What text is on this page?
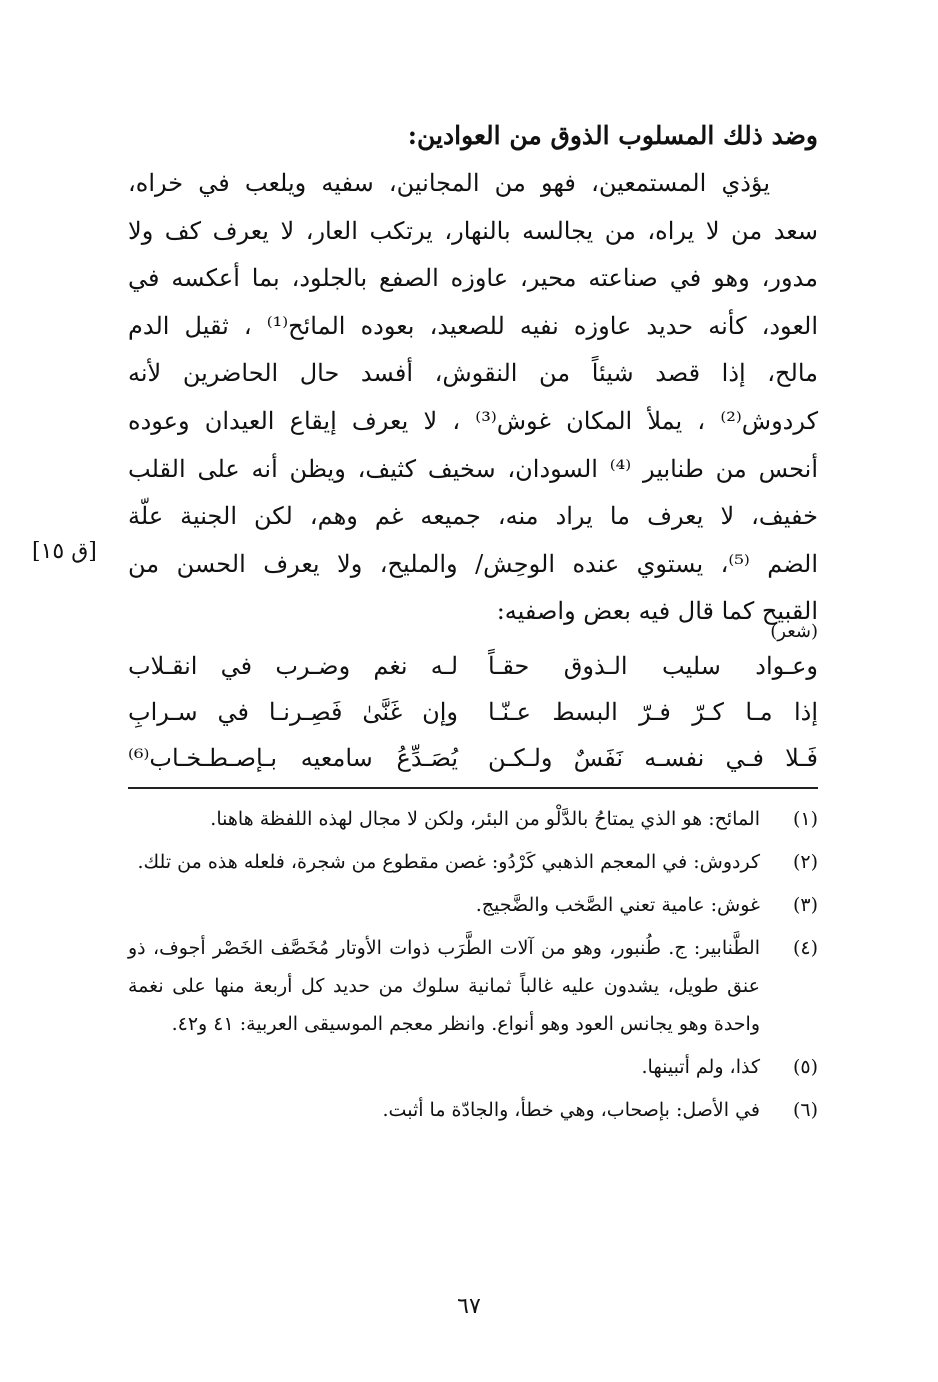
وضد ذلك المسلوب الذوق من العوادين:

يؤذي المستمعين، فهو من المجانين، سفيه ويلعب في خراه،

سعد من لا يراه، من يجالسه بالنهار، يرتكب العار، لا يعرف كف ولا

مدور، وهو في صناعته محير، عاوزه الصفع بالجلود، بما أعكسه في

العود، كأنه حديد عاوزه نفيه للصعيد، بعوده المائح⁽¹⁾ ، ثقيل الدم

مالح، إذا قصد شيئاً من النقوش، أفسد حال الحاضرين لأنه

كردوش⁽²⁾ ، يملأ المكان غوش⁽³⁾ ، لا يعرف إيقاع العيدان وعوده

أنحس من طنابير ⁽⁴⁾ السودان، سخيف كثيف، ويظن أنه على القلب

خفيف، لا يعرف ما يراد منه، جميعه غم وهم، لكن الجنية علّة

الضم ⁽⁵⁾، يستوي عنده الوحِش/ والمليح، ولا يعرف الحسن من

القبيح كما قال فيه بعض واصفيه:

[ق ١٥]
(شعر)
وعـواد سليب الـذوق حقـاً
لـه نغم وضـرب في انقـلاب
إذا مـا كـرّ فـرّ البسط عـنّـا
وإن غَنَّىٰ فَصِـرنـا في سـرابِ
فَـلا فـي نفسـه نَفَسٌ ولـكـن
يُصَـدِّعُ سامعيه بـإصـطـخـاب⁽⁶⁾
(١)
المائح: هو الذي يمتاحُ بالدَّلْو من البئر، ولكن لا مجال لهذه اللفظة هاهنا.
(٢)
كردوش: في المعجم الذهبي كَرْدُو: غصن مقطوع من شجرة، فلعله هذه من تلك.
(٣)
غوش: عامية تعني الصَّخب والضَّجيج.
(٤)
الطَّنابير: ج. طُنبور، وهو من آلات الطَّرَب ذوات الأوتار مُخَصَّف الخَصْر أجوف، ذو عنق طويل، يشدون عليه غالباً ثمانية سلوك من حديد كل أربعة منها على نغمة واحدة وهو يجانس العود وهو أنواع. وانظر معجم الموسيقى العربية: ٤١ و٤٢.
(٥)
كذا، ولم أتبينها.
(٦)
في الأصل: بإصحاب، وهي خطأ، والجادّة ما أثبت.
٦٧
